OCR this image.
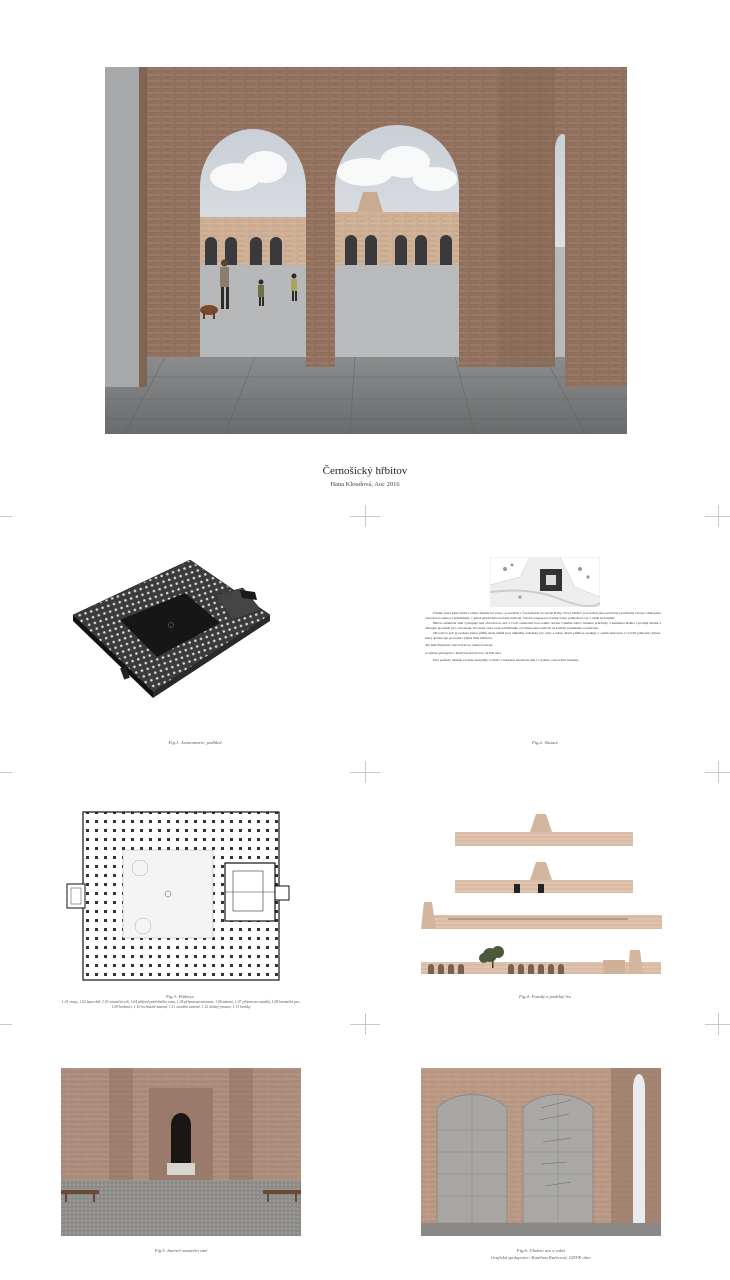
Černošický hřbitov
Hana Kloudová, Aoc 2016
Fig.1: Axonometrie, podhled

Území, které jsme řešili v rámci diplomové práce, se nachází v Černošicích na okraji Prahy. Nový hřbitov je navržen jako uzavřený pravidelný čtverec obklopený obvodovou stěnou s kolumbárii, v jehož středu leží otevřené nádvoří. Stavba reaguje na svažitý terén, pohledové osy a vztah ke krajině.

Hmota smuteční síně vystupuje nad obvodovou zeď a tvoří orientační bod celého areálu. Cihelné zdivo, klenuté průchody a kamenná dlažba vytvářejí klidné a důstojné prostředí pro rozloučení. Procesní cesta vede návštěvníka od vstupu přes nádvoří až k místu posledního rozloučení.

Obvodová zeď je tvořena řadou pilířů, mezi nimiž jsou umístěny schránky pro urny a rakve. Rastr pilířů se opakuje v celém půdorysu a vytváří jednotný rytmus, který sjednocuje provozní i pietní části hřbitova.

Jak bílá lilijekvete, která byla na rozkvetu tak já.

Grafická spolupráce: Kateřina Kučerová, GDVK obec

Dva pohledy ukazují zvolené materiály a světlo v interiéru smuteční síně i v galerii s urnovými stěnami.

Fig.2: Situace
Fig.3: Půdorys
1.01 vstup, 1.02 kancelář, 1.03 smuteční síň, 1.04 příjezd pohřebního vozu, 1.05 přípravná místnost, 1.06 zázemí, 1.07 přípravna ostatků, 1.08 kremační pec, 1.09 hrobníci, 1.10 technické zázemí, 1.11 sociální zázemí, 1.12 úložný prostor, 1.13 hrobky
Fig.4: Fasády a podélný řez
Fig.5: Interiér smuteční síně	Fig.6: Uložení urn a rakví
Grafická spolupráce: Kateřina Kučerová, GDVK obec
